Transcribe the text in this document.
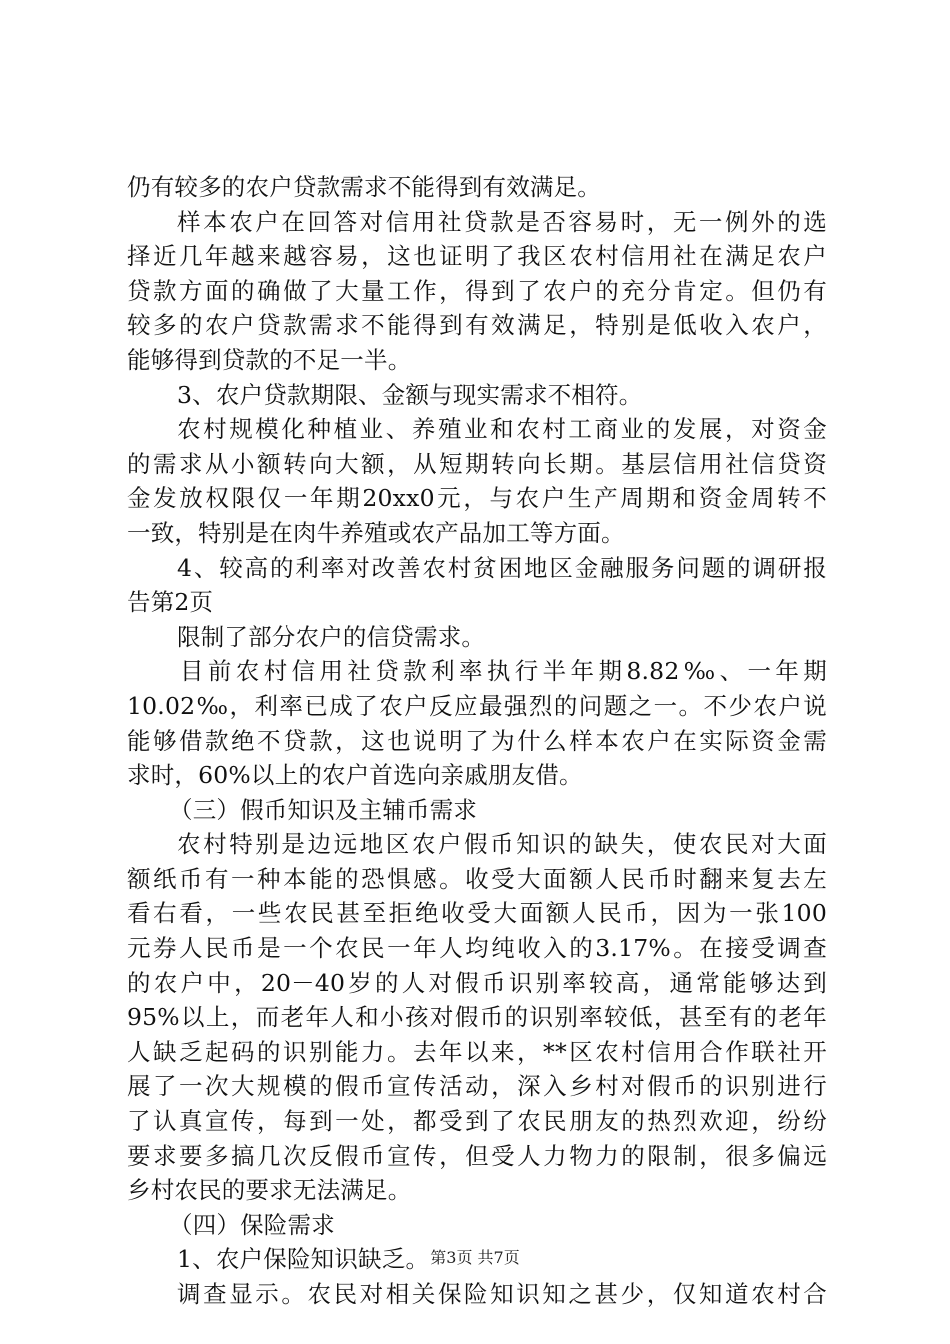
仍有较多的农户贷款需求不能得到有效满足。
样本农户在回答对信用社贷款是否容易时，无一例外的选
择近几年越来越容易，这也证明了我区农村信用社在满足农户
贷款方面的确做了大量工作，得到了农户的充分肯定。但仍有
较多的农户贷款需求不能得到有效满足，特别是低收入农户，
能够得到贷款的不足一半。
3、农户贷款期限、金额与现实需求不相符。
农村规模化种植业、养殖业和农村工商业的发展，对资金
的需求从小额转向大额，从短期转向长期。基层信用社信贷资
金发放权限仅一年期20xx0元，与农户生产周期和资金周转不
一致，特别是在肉牛养殖或农产品加工等方面。
4、较高的利率对改善农村贫困地区金融服务问题的调研报
告第2页
限制了部分农户的信贷需求。
目前农村信用社贷款利率执行半年期8.82‰、一年期
10.02‰，利率已成了农户反应最强烈的问题之一。不少农户说
能够借款绝不贷款，这也说明了为什么样本农户在实际资金需
求时，60%以上的农户首选向亲戚朋友借。
（三）假币知识及主辅币需求
农村特别是边远地区农户假币知识的缺失，使农民对大面
额纸币有一种本能的恐惧感。收受大面额人民币时翻来复去左
看右看，一些农民甚至拒绝收受大面额人民币，因为一张100
元券人民币是一个农民一年人均纯收入的3.17%。在接受调查
的农户中，20－40岁的人对假币识别率较高，通常能够达到
95%以上，而老年人和小孩对假币的识别率较低，甚至有的老年
人缺乏起码的识别能力。去年以来，**区农村信用合作联社开
展了一次大规模的假币宣传活动，深入乡村对假币的识别进行
了认真宣传，每到一处，都受到了农民朋友的热烈欢迎，纷纷
要求要多搞几次反假币宣传，但受人力物力的限制，很多偏远
乡村农民的要求无法满足。
（四）保险需求
1、农户保险知识缺乏。
调查显示。农民对相关保险知识知之甚少，仅知道农村合
第3页 共7页
